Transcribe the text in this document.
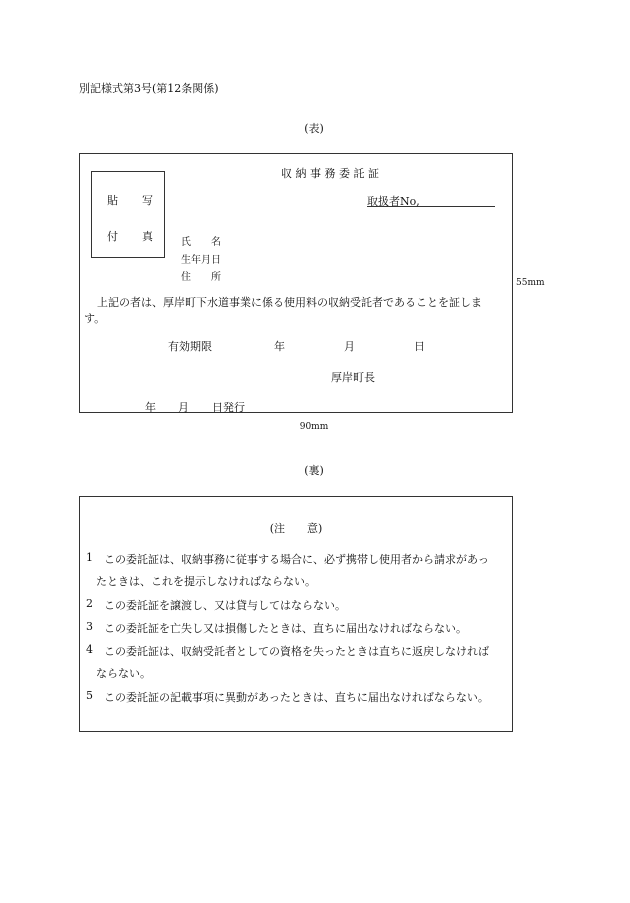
別記様式第3号(第12条関係)
(表)
貼 写
付 真
収 納 事 務 委 託 証
取扱者No,
氏　　名
生年月日
住　　所
上記の者は、厚岸町下水道事業に係る使用料の収納受託者であることを証しま
す。
有効期限	年	月	日
厚岸町長
年 月 日発行
55mm
90mm
(裏)
(注　　意)
1 この委託証は、収納事務に従事する場合に、必ず携帯し使用者から請求があっ
たときは、これを提示しなければならない。
2 この委託証を譲渡し、又は貸与してはならない。
3 この委託証を亡失し又は損傷したときは、直ちに届出なければならない。
4 この委託証は、収納受託者としての資格を失ったときは直ちに返戻しなければ
ならない。
5 この委託証の記載事項に異動があったときは、直ちに届出なければならない。
